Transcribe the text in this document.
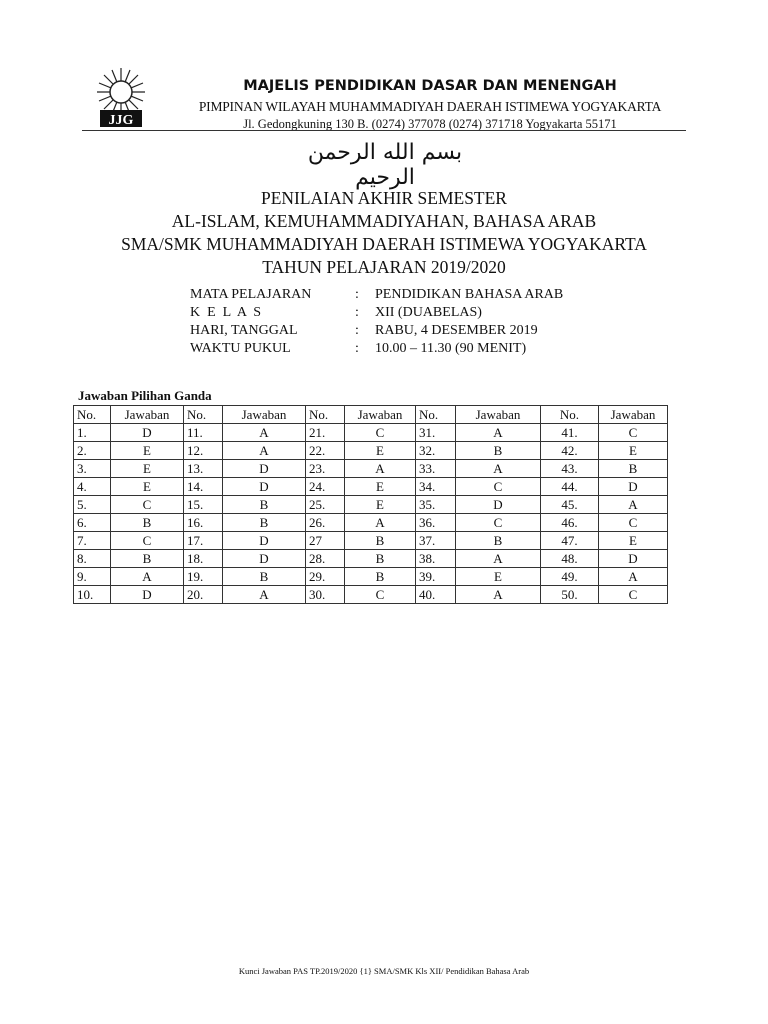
JJG
MAJELIS PENDIDIKAN DASAR DAN MENENGAH
PIMPINAN WILAYAH MUHAMMADIYAH DAERAH ISTIMEWA YOGYAKARTA
Jl. Gedongkuning 130 B. (0274) 377078 (0274) 371718 Yogyakarta 55171
بسم الله الرحمن الرحيم
PENILAIAN AKHIR SEMESTER
AL-ISLAM, KEMUHAMMADIYAHAN, BAHASA ARAB
SMA/SMK MUHAMMADIYAH DAERAH ISTIMEWA YOGYAKARTA
TAHUN PELAJARAN 2019/2020
MATA PELAJARAN	: PENDIDIKAN BAHASA ARAB
K  E  L  A  S	: XII (DUABELAS)
HARI, TANGGAL	: RABU, 4 DESEMBER 2019
WAKTU PUKUL	: 10.00 – 11.30 (90 MENIT)
Jawaban Pilihan Ganda
No.	Jawaban	No.	Jawaban	No.	Jawaban	No.	Jawaban	No.	Jawaban
1.	D	11.	A	21.	C	31.	A	41.	C
2.	E	12.	A	22.	E	32.	B	42.	E
3.	E	13.	D	23.	A	33.	A	43.	B
4.	E	14.	D	24.	E	34.	C	44.	D
5.	C	15.	B	25.	E	35.	D	45.	A
6.	B	16.	B	26.	A	36.	C	46.	C
7.	C	17.	D	27	B	37.	B	47.	E
8.	B	18.	D	28.	B	38.	A	48.	D
9.	A	19.	B	29.	B	39.	E	49.	A
10.	D	20.	A	30.	C	40.	A	50.	C
Kunci Jawaban PAS TP.2019/2020 {1} SMA/SMK Kls XII/ Pendidikan Bahasa Arab
